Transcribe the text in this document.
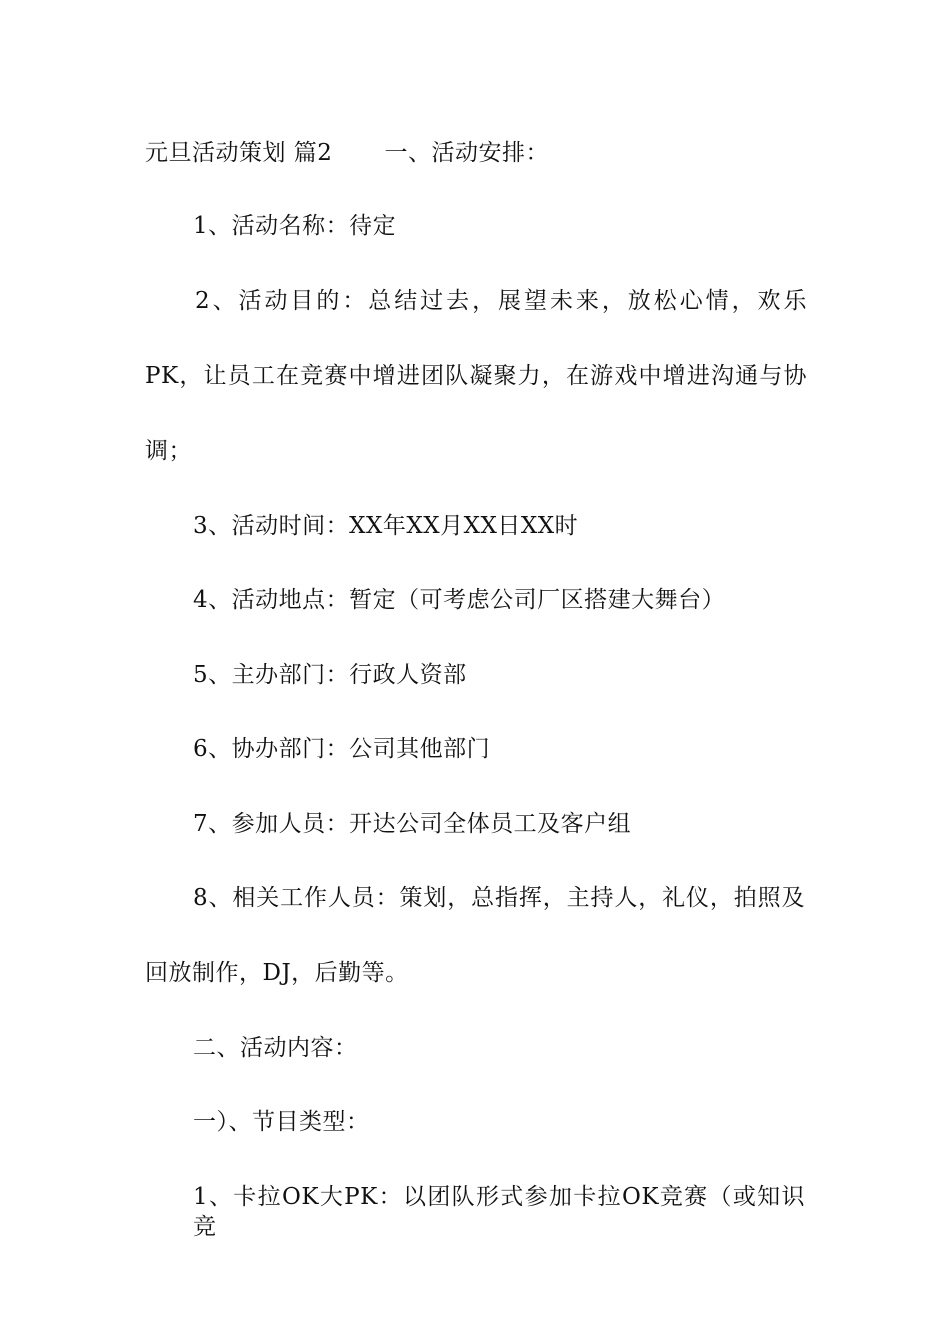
元旦活动策划 篇2 一、活动安排：
1、活动名称：待定
2、活动目的：总结过去，展望未来，放松心情，欢乐
PK，让员工在竞赛中增进团队凝聚力，在游戏中增进沟通与协
调；
3、活动时间：XX年XX月XX日XX时
4、活动地点：暂定（可考虑公司厂区搭建大舞台）
5、主办部门：行政人资部
6、协办部门：公司其他部门
7、参加人员：开达公司全体员工及客户组
8、相关工作人员：策划，总指挥，主持人，礼仪，拍照及
回放制作，DJ，后勤等。
二、活动内容：
一）、节目类型：
1、卡拉OK大PK：以团队形式参加卡拉OK竞赛（或知识竞
